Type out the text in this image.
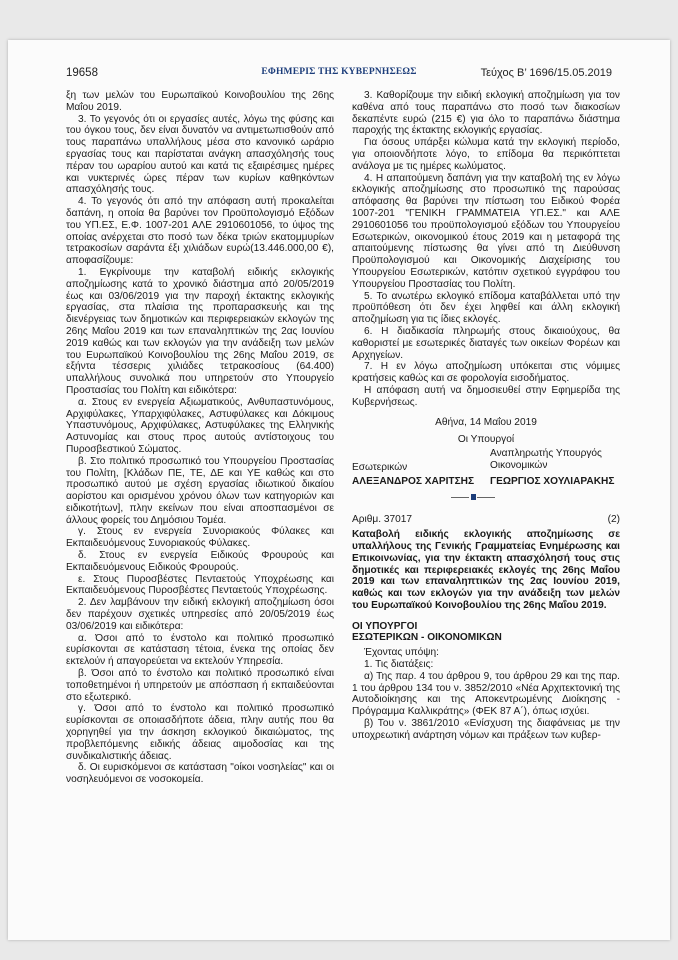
19658	ΕΦΗΜΕΡΙΣ ΤΗΣ ΚΥΒΕΡΝΗΣΕΩΣ	Τεύχος Β’ 1696/15.05.2019

ξη των μελών του Ευρωπαϊκού Κοινοβουλίου της 26ης Μαΐου 2019.

3. Το γεγονός ότι οι εργασίες αυτές, λόγω της φύσης και του όγκου τους, δεν είναι δυνατόν να αντιμετωπισθούν από τους παραπάνω υπαλλήλους μέσα στο κανονικό ωράριο εργασίας τους και παρίσταται ανάγκη απασχόλησής τους πέραν του ωραρίου αυτού και κατά τις εξαιρέσιμες ημέρες και νυκτερινές ώρες πέραν των κυρίων καθηκόντων απασχόλησής τους.

4. Το γεγονός ότι από την απόφαση αυτή προκαλείται δαπάνη, η οποία θα βαρύνει τον Προϋπολογισμό Εξόδων του ΥΠ.ΕΣ, Ε.Φ. 1007-201 ΑΛΕ 2910601056, το ύψος της οποίας ανέρχεται στο ποσό των δέκα τριών εκατομμυρίων τετρακοσίων σαράντα έξι χιλιάδων ευρώ(13.446.000,00 €), αποφασίζουμε:

1. Εγκρίνουμε την καταβολή ειδικής εκλογικής αποζημίωσης κατά το χρονικό διάστημα από 20/05/2019 έως και 03/06/2019 για την παροχή έκτακτης εκλογικής εργασίας, στα πλαίσια της προπαρασκευής και της διενέργειας των δημοτικών και περιφερειακών εκλογών της 26ης Μαΐου 2019 και των επαναληπτικών της 2ας Ιουνίου 2019 καθώς και των εκλογών για την ανάδειξη των μελών του Ευρωπαϊκού Κοινοβουλίου της 26ης Μαΐου 2019, σε εξήντα τέσσερις χιλιάδες τετρακοσίους (64.400) υπαλλήλους συνολικά που υπηρετούν στο Υπουργείο Προστασίας του Πολίτη και ειδικότερα:

α. Στους εν ενεργεία Αξιωματικούς, Ανθυπαστυνόμους, Αρχιφύλακες, Υπαρχιφύλακες, Αστυφύλακες και Δόκιμους Υπαστυνόμους, Αρχιφύλακες, Αστυφύλακες της Ελληνικής Αστυνομίας και στους προς αυτούς αντίστοιχους του Πυροσβεστικού Σώματος.

β. Στο πολιτικό προσωπικό του Υπουργείου Προστασίας του Πολίτη, [Κλάδων ΠΕ, ΤΕ, ΔΕ και ΥΕ καθώς και στο προσωπικό αυτού με σχέση εργασίας ιδιωτικού δικαίου αορίστου και ορισμένου χρόνου όλων των κατηγοριών και ειδικοτήτων], πλην εκείνων που είναι αποσπασμένοι σε άλλους φορείς του Δημόσιου Τομέα.

γ. Στους εν ενεργεία Συνοριακούς Φύλακες και Εκπαιδευόμενους Συνοριακούς Φύλακες.

δ. Στους εν ενεργεία Ειδικούς Φρουρούς και Εκπαιδευόμενους Ειδικούς Φρουρούς.

ε. Στους Πυροσβέστες Πενταετούς Υποχρέωσης και Εκπαιδευόμενους Πυροσβέστες Πενταετούς Υποχρέωσης.

2. Δεν λαμβάνουν την ειδική εκλογική αποζημίωση όσοι δεν παρέχουν σχετικές υπηρεσίες από 20/05/2019 έως 03/06/2019 και ειδικότερα:

α. Όσοι από το ένστολο και πολιτικό προσωπικό ευρίσκονται σε κατάσταση τέτοια, ένεκα της οποίας δεν εκτελούν ή απαγορεύεται να εκτελούν Υπηρεσία.

β. Όσοι από το ένστολο και πολιτικό προσωπικό είναι τοποθετημένοι ή υπηρετούν με απόσπαση ή εκπαιδεύονται στο εξωτερικό.

γ. Όσοι από το ένστολο και πολιτικό προσωπικό ευρίσκονται σε οποιασδήποτε άδεια, πλην αυτής που θα χορηγηθεί για την άσκηση εκλογικού δικαιώματος, της προβλεπόμενης ειδικής άδειας αιμοδοσίας και της συνδικαλιστικής άδειας.

δ. Οι ευρισκόμενοι σε κατάσταση "οίκοι νοσηλείας" και οι νοσηλευόμενοι σε νοσοκομεία.

3. Καθορίζουμε την ειδική εκλογική αποζημίωση για τον καθένα από τους παραπάνω στο ποσό των διακοσίων δεκαπέντε ευρώ (215 €) για όλο το παραπάνω διάστημα παροχής της έκτακτης εκλογικής εργασίας.

Για όσους υπάρξει κώλυμα κατά την εκλογική περίοδο, για οποιονδήποτε λόγο, το επίδομα θα περικόπτεται ανάλογα με τις ημέρες κωλύματος.

4. Η απαιτούμενη δαπάνη για την καταβολή της εν λόγω εκλογικής αποζημίωσης στο προσωπικό της παρούσας απόφασης θα βαρύνει την πίστωση του Ειδικού Φορέα 1007-201 "ΓΕΝΙΚΗ ΓΡΑΜΜΑΤΕΙΑ ΥΠ.ΕΣ." και ΑΛΕ 2910601056 του προϋπολογισμού εξόδων του Υπουργείου Εσωτερικών, οικονομικού έτους 2019 και η μεταφορά της απαιτούμενης πίστωσης θα γίνει από τη Διεύθυνση Προϋπολογισμού και Οικονομικής Διαχείρισης του Υπουργείου Εσωτερικών, κατόπιν σχετικού εγγράφου του Υπουργείου Προστασίας του Πολίτη.

5. Το ανωτέρω εκλογικό επίδομα καταβάλλεται υπό την προϋπόθεση ότι δεν έχει ληφθεί και άλλη εκλογική αποζημίωση για τις ίδιες εκλογές.

6. Η διαδικασία πληρωμής στους δικαιούχους, θα καθοριστεί με εσωτερικές διαταγές των οικείων Φορέων και Αρχηγείων.

7. Η εν λόγω αποζημίωση υπόκειται στις νόμιμες κρατήσεις καθώς και σε φορολογία εισοδήματος.

Η απόφαση αυτή να δημοσιευθεί στην Εφημερίδα της Κυβερνήσεως.

Αθήνα, 14 Μαΐου 2019

Οι Υπουργοί

Εσωτερικών
Αναπληρωτής Υπουργός
Οικονομικών
ΑΛΕΞΑΝΔΡΟΣ ΧΑΡΙΤΣΗΣ ΓΕΩΡΓΙΟΣ ΧΟΥΛΙΑΡΑΚΗΣ
Αριθμ. 37017	(2)

Καταβολή ειδικής εκλογικής αποζημίωσης σε υπαλλήλους της Γενικής Γραμματείας Ενημέρωσης και Επικοινωνίας, για την έκτακτη απασχόλησή τους στις δημοτικές και περιφερειακές εκλογές της 26ης Μαΐου 2019 και των επαναληπτικών της 2ας Ιουνίου 2019, καθώς και των εκλογών για την ανάδειξη των μελών του Ευρωπαϊκού Κοινοβουλίου της 26ης Μαΐου 2019.

ΟΙ ΥΠΟΥΡΓΟΙ

ΕΣΩΤΕΡΙΚΩΝ - ΟΙΚΟΝΟΜΙΚΩΝ

Έχοντας υπόψη:

1. Τις διατάξεις:

α) Της παρ. 4 του άρθρου 9, του άρθρου 29 και της παρ. 1 του άρθρου 134 του ν. 3852/2010 «Νέα Αρχιτεκτονική της Αυτοδιοίκησης και της Αποκεντρωμένης Διοίκησης - Πρόγραμμα Καλλικράτης» (ΦΕΚ 87 Α΄), όπως ισχύει.

β) Του ν. 3861/2010 «Ενίσχυση της διαφάνειας με την υποχρεωτική ανάρτηση νόμων και πράξεων των κυβερ-
